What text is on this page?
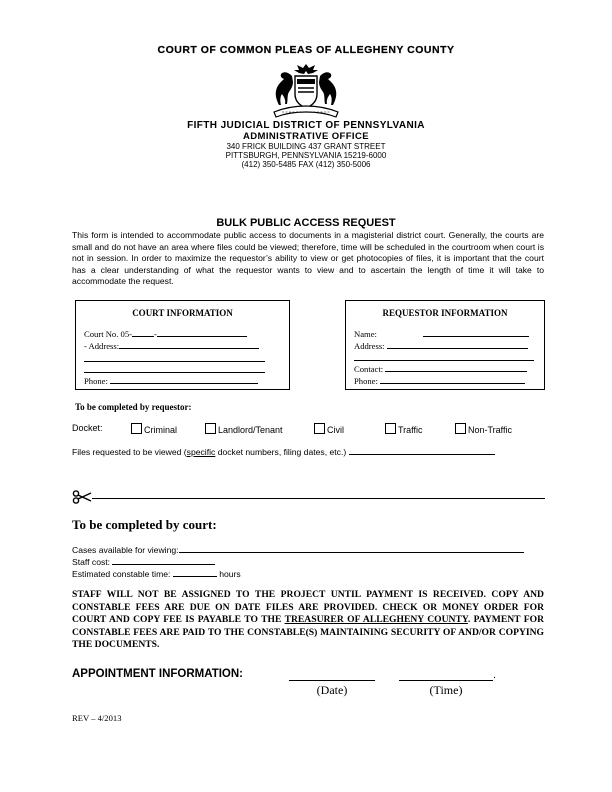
COURT OF COMMON PLEAS OF ALLEGHENY COUNTY
FIFTH JUDICIAL DISTRICT OF PENNSYLVANIA
ADMINISTRATIVE OFFICE
340 FRICK BUILDING 437 GRANT STREET
PITTSBURGH, PENNSYLVANIA 15219-6000
(412) 350-5485 FAX (412) 350-5006
BULK PUBLIC ACCESS REQUEST
This form is intended to accommodate public access to documents in a magisterial district court. Generally, the courts are small and do not have an area where files could be viewed; therefore, time will be scheduled in the courtroom when court is not in session. In order to maximize the requestor’s ability to view or get photocopies of files, it is important that the court has a clear understanding of what the requestor wants to view and to ascertain the length of time it will take to accommodate the request.
COURT INFORMATION
Court No. 05-	-
- Address:
Phone:
REQUESTOR INFORMATION
Name:
Address:
Contact:
Phone:
To be completed by requestor:
Docket:	Criminal	Landlord/Tenant	Civil	Traffic	Non-Traffic
Files requested to be viewed (specific docket numbers, filing dates, etc.)
To be completed by court:
Cases available for viewing:
Staff cost:
Estimated constable time:	hours
STAFF WILL NOT BE ASSIGNED TO THE PROJECT UNTIL PAYMENT IS RECEIVED. COPY AND CONSTABLE FEES ARE DUE ON DATE FILES ARE PROVIDED. CHECK OR MONEY ORDER FOR COURT AND COPY FEE IS PAYABLE TO THE TREASURER OF ALLEGHENY COUNTY. PAYMENT FOR CONSTABLE FEES ARE PAID TO THE CONSTABLE(S) MAINTAINING SECURITY OF AND/OR COPYING THE DOCUMENTS.
APPOINTMENT INFORMATION:	.
(Date)	(Time)
REV – 4/2013
